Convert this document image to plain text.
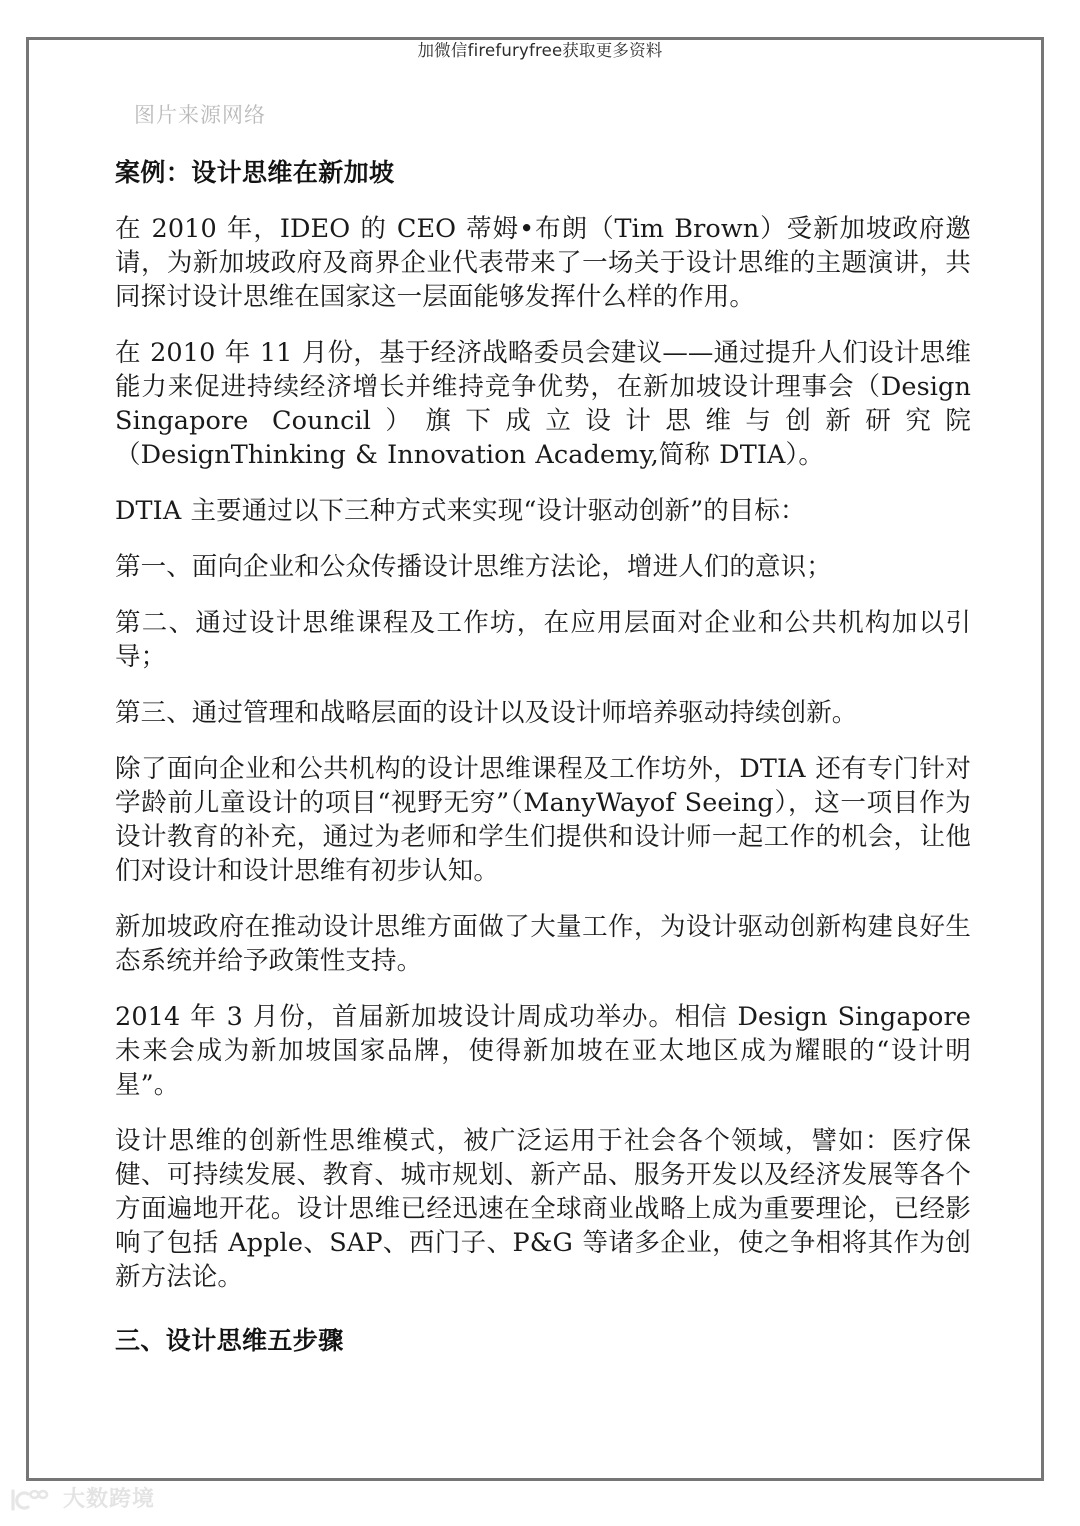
加微信firefuryfree获取更多资料
图片来源网络
案例：设计思维在新加坡

在 2010 年，IDEO 的 CEO 蒂姆•布朗（Tim Brown）受新加坡政府邀请，为新加坡政府及商界企业代表带来了一场关于设计思维的主题演讲，共同探讨设计思维在国家这一层面能够发挥什么样的作用。

在 2010 年 11 月份，基于经济战略委员会建议——通过提升人们设计思维能力来促进持续经济增长并维持竞争优势，在新加坡设计理事会（Design Singapore Council）旗下成立设计思维与创新研究院（DesignThinking & Innovation Academy,简称 DTIA）。

DTIA 主要通过以下三种方式来实现“设计驱动创新”的目标：

第一、面向企业和公众传播设计思维方法论，增进人们的意识；

第二、通过设计思维课程及工作坊，在应用层面对企业和公共机构加以引导；

第三、通过管理和战略层面的设计以及设计师培养驱动持续创新。

除了面向企业和公共机构的设计思维课程及工作坊外，DTIA 还有专门针对学龄前儿童设计的项目“视野无穷”（ManyWayof Seeing），这一项目作为设计教育的补充，通过为老师和学生们提供和设计师一起工作的机会，让他们对设计和设计思维有初步认知。

新加坡政府在推动设计思维方面做了大量工作，为设计驱动创新构建良好生态系统并给予政策性支持。

2014 年 3 月份，首届新加坡设计周成功举办。相信 Design Singapore 未来会成为新加坡国家品牌，使得新加坡在亚太地区成为耀眼的“设计明星”。

设计思维的创新性思维模式，被广泛运用于社会各个领域，譬如：医疗保健、可持续发展、教育、城市规划、新产品、服务开发以及经济发展等各个方面遍地开花。设计思维已经迅速在全球商业战略上成为重要理论，已经影响了包括 Apple、SAP、西门子、P&G 等诸多企业，使之争相将其作为创新方法论。

三、设计思维五步骤
大数跨境
